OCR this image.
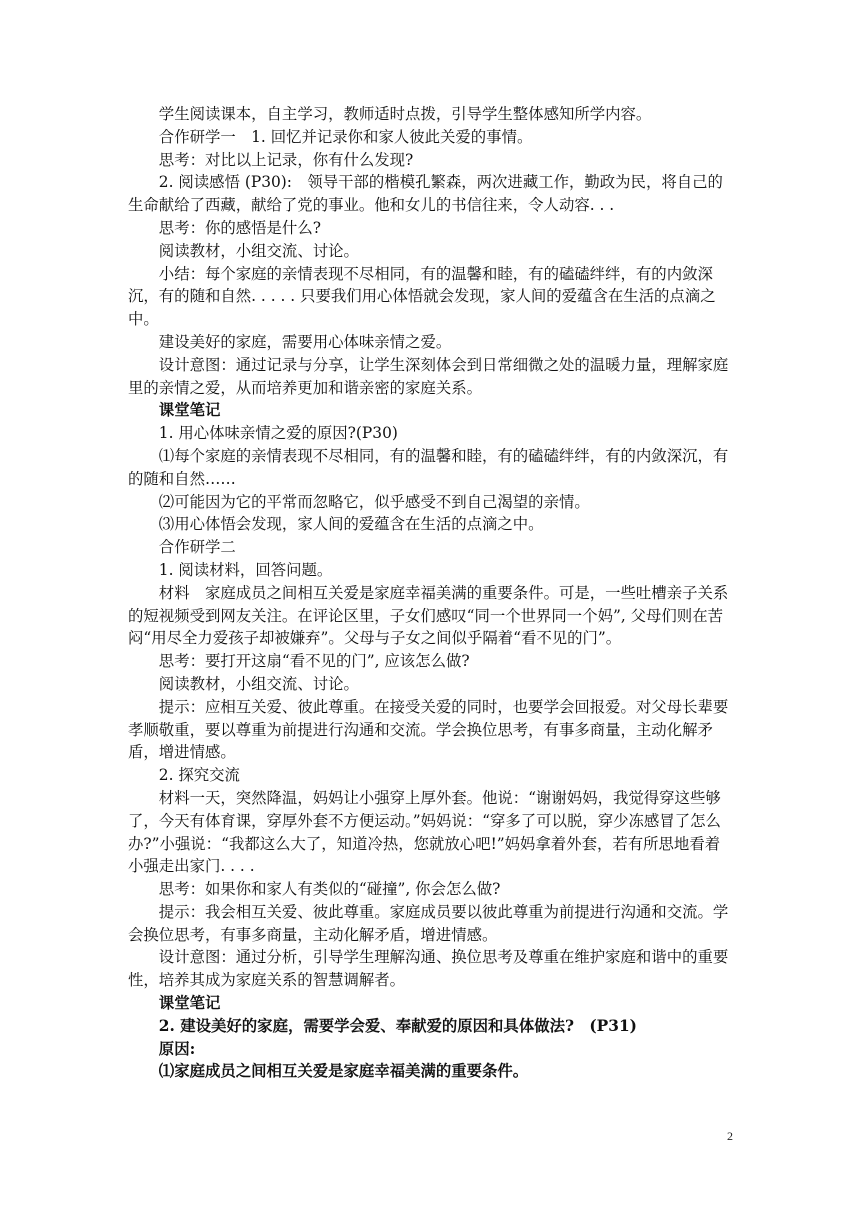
学生阅读课本，自主学习，教师适时点拨，引导学生整体感知所学内容。

合作研学一　1. 回忆并记录你和家人彼此关爱的事情。

思考：对比以上记录，你有什么发现?

2. 阅读感悟 (P30):　领导干部的楷模孔繁森，两次进藏工作，勤政为民，将自己的生命献给了西藏，献给了党的事业。他和女儿的书信往来，令人动容. . .

思考：你的感悟是什么?

阅读教材，小组交流、讨论。

小结：每个家庭的亲情表现不尽相同，有的温馨和睦，有的磕磕绊绊，有的内敛深沉，有的随和自然. . . . . 只要我们用心体悟就会发现，家人间的爱蕴含在生活的点滴之中。

建设美好的家庭，需要用心体味亲情之爱。

设计意图：通过记录与分享，让学生深刻体会到日常细微之处的温暖力量，理解家庭里的亲情之爱，从而培养更加和谐亲密的家庭关系。

课堂笔记

1. 用心体味亲情之爱的原因?(P30)

⑴每个家庭的亲情表现不尽相同，有的温馨和睦，有的磕磕绊绊，有的内敛深沉，有的随和自然……

⑵可能因为它的平常而忽略它，似乎感受不到自己渴望的亲情。

⑶用心体悟会发现，家人间的爱蕴含在生活的点滴之中。

合作研学二

1. 阅读材料，回答问题。

材料　家庭成员之间相互关爱是家庭幸福美满的重要条件。可是，一些吐槽亲子关系的短视频受到网友关注。在评论区里，子女们感叹“同一个世界同一个妈”, 父母们则在苦闷“用尽全力爱孩子却被嫌弃”。父母与子女之间似乎隔着“看不见的门”。

思考：要打开这扇“看不见的门”, 应该怎么做?

阅读教材，小组交流、讨论。

提示：应相互关爱、彼此尊重。在接受关爱的同时，也要学会回报爱。对父母长辈要孝顺敬重，要以尊重为前提进行沟通和交流。学会换位思考，有事多商量，主动化解矛盾，增进情感。

2. 探究交流

材料一天，突然降温，妈妈让小强穿上厚外套。他说：“谢谢妈妈，我觉得穿这些够了，今天有体育课，穿厚外套不方便运动。”妈妈说：“穿多了可以脱，穿少冻感冒了怎么办?”小强说：“我都这么大了，知道冷热，您就放心吧!”妈妈拿着外套，若有所思地看着小强走出家门. . . .

思考：如果你和家人有类似的“碰撞”, 你会怎么做?

提示：我会相互关爱、彼此尊重。家庭成员要以彼此尊重为前提进行沟通和交流。学会换位思考，有事多商量，主动化解矛盾，增进情感。

设计意图：通过分析，引导学生理解沟通、换位思考及尊重在维护家庭和谐中的重要性，培养其成为家庭关系的智慧调解者。

课堂笔记

2. 建设美好的家庭，需要学会爱、奉献爱的原因和具体做法?　(P31)

原因:

⑴家庭成员之间相互关爱是家庭幸福美满的重要条件。

2
